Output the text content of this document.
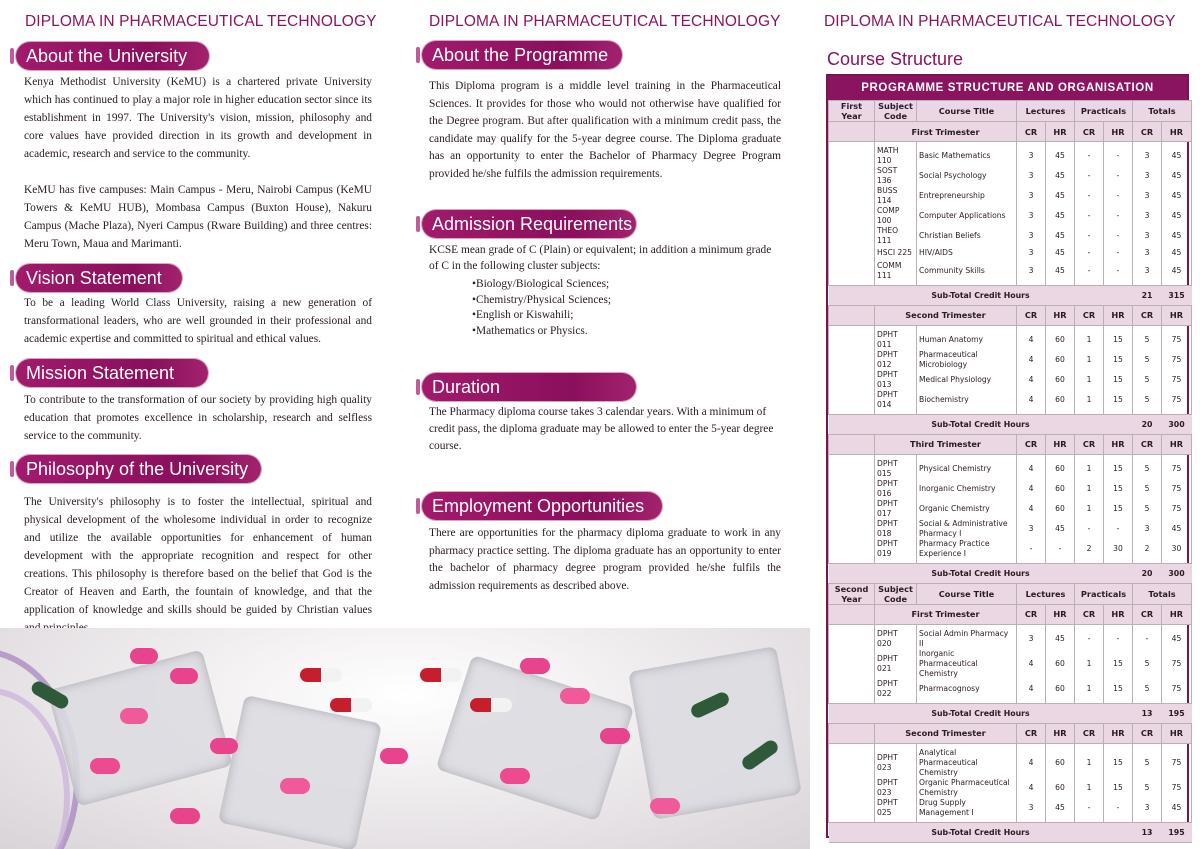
DIPLOMA IN PHARMACEUTICAL TECHNOLOGY
About the University
Kenya Methodist University (KeMU) is a chartered private University which has continued to play a major role in higher education sector since its establishment in 1997. The University's vision, mission, philosophy and core values have provided direction in its growth and development in academic, research and service to the community.
KeMU has five campuses: Main Campus - Meru, Nairobi Campus (KeMU Towers & KeMU HUB), Mombasa Campus (Buxton House), Nakuru Campus (Mache Plaza), Nyeri Campus (Rware Building) and three centres: Meru Town, Maua and Marimanti.
Vision Statement
To be a leading World Class University, raising a new generation of transformational leaders, who are well grounded in their professional and academic expertise and committed to spiritual and ethical values.
Mission Statement
To contribute to the transformation of our society by providing high quality education that promotes excellence in scholarship, research and selfless service to the community.
Philosophy of the University
The University's philosophy is to foster the intellectual, spiritual and physical development of the wholesome individual in order to recognize and utilize the available opportunities for enhancement of human development with the appropriate recognition and respect for other creations. This philosophy is therefore based on the belief that God is the Creator of Heaven and Earth, the fountain of knowledge, and that the application of knowledge and skills should be guided by Christian values
DIPLOMA IN PHARMACEUTICAL TECHNOLOGY
About the Programme
This Diploma program is a middle level training in the Pharmaceutical Sciences. It provides for those who would not otherwise have qualified for the Degree program. But after qualification with a minimum credit pass, the candidate may qualify for the 5-year degree course. The Diploma graduate has an opportunity to enter the Bachelor of Pharmacy Degree Program provided he/she fulfils the admission requirements.
Admission Requirements
KCSE mean grade of C (Plain) or equivalent; in addition a minimum grade of C in the following cluster subjects:
• Biology/Biological Sciences;
• Chemistry/Physical Sciences;
• English or Kiswahili;
• Mathematics or Physics.
Duration
The Pharmacy diploma course takes 3 calendar years. With a minimum of credit pass, the diploma graduate may be allowed to enter the 5-year degree course.
Employment Opportunities
There are opportunities for the pharmacy diploma graduate to work in any pharmacy practice setting. The diploma graduate has an opportunity to enter the bachelor of pharmacy degree program provided he/she fulfils the admission requirements as described above.
DIPLOMA IN PHARMACEUTICAL TECHNOLOGY
Course Structure
PROGRAMME STRUCTURE AND ORGANISATION
First Year	Subject Code	Course Title	Lectures		Practicals		Totals	
	First Trimester		CR	HR	CR	HR	CR	HR
	MATH 110	Basic Mathematics	3	45	-	-	3	45
	SOST 136	Social Psychology	3	45	-	-	3	45
	BUSS 114	Entrepreneurship	3	45	-	-	3	45
	COMP 100	Computer Applications	3	45	-	-	3	45
	THEO 111	Christian Beliefs	3	45	-	-	3	45
	HSCI 225	HIV/AIDS	3	45	-	-	3	45
	COMM 111	Community Skills	3	45	-	-	3	45
Sub-Total Credit Hours							21	315
	Second Trimester		CR	HR	CR	HR	CR	HR
	DPHT 011	Human Anatomy	4	60	1	15	5	75
	DPHT 012	Pharmaceutical Microbiology	4	60	1	15	5	75
	DPHT 013	Medical Physiology	4	60	1	15	5	75
	DPHT 014	Biochemistry	4	60	1	15	5	75
Sub-Total Credit Hours							20	300
	Third Trimester		CR	HR	CR	HR	CR	HR
	DPHT 015	Physical Chemistry	4	60	1	15	5	75
	DPHT 016	Inorganic Chemistry	4	60	1	15	5	75
	DPHT 017	Organic Chemistry	4	60	1	15	5	75
	DPHT 018	Social & Administrative Pharmacy I	3	45	-	-	3	45
	DPHT 019	Pharmacy Practice Experience I	-	-	2	30	2	30
Sub-Total Credit Hours							20	300
Second Year	Subject Code	Course Title	Lectures		Practicals		Totals	
	First Trimester		CR	HR	CR	HR	CR	HR
	DPHT 020	Social Admin Pharmacy II	3	45	-	-	-	45
	DPHT 021	Inorganic Pharmaceutical Chemistry	4	60	1	15	5	75
	DPHT 022	Pharmacognosy	4	60	1	15	5	75
Sub-Total Credit Hours							13	195
	Second Trimester		CR	HR	CR	HR	CR	HR
	DPHT 023	Analytical Pharmaceutical Chemistry	4	60	1	15	5	75
	DPHT 023	Organic Pharmaceutical Chemistry	4	60	1	15	5	75
	DPHT 025	Drug Supply Management I	3	45	-	-	3	45
Sub-Total Credit Hours							13	195
